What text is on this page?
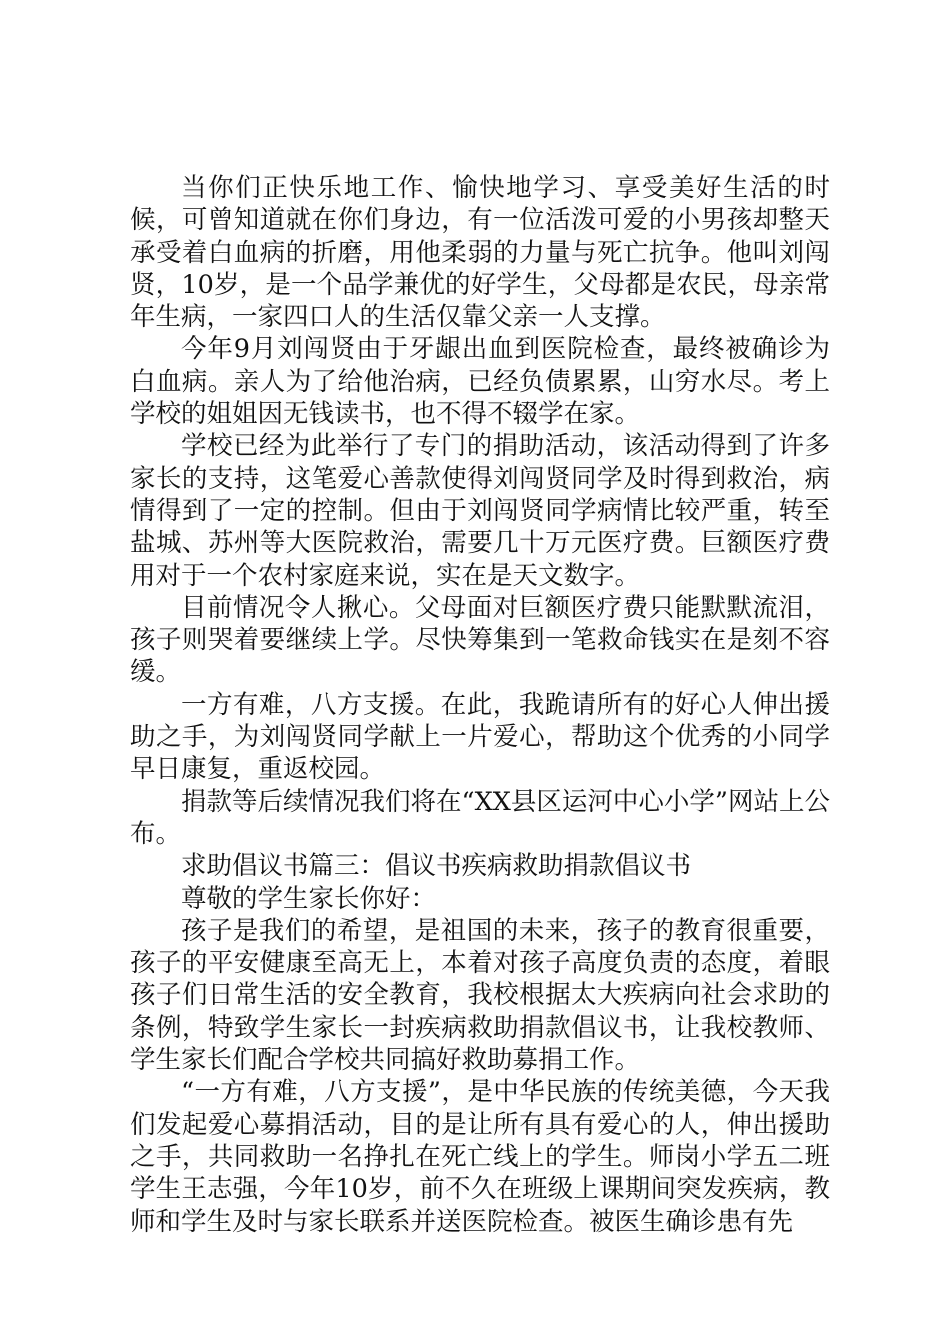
当你们正快乐地工作、愉快地学习、享受美好生活的时候，可曾知道就在你们身边，有一位活泼可爱的小男孩却整天承受着白血病的折磨，用他柔弱的力量与死亡抗争。他叫刘闯贤，10岁，是一个品学兼优的好学生，父母都是农民，母亲常年生病，一家四口人的生活仅靠父亲一人支撑。

今年9月刘闯贤由于牙龈出血到医院检查，最终被确诊为白血病。亲人为了给他治病，已经负债累累，山穷水尽。考上学校的姐姐因无钱读书，也不得不辍学在家。

学校已经为此举行了专门的捐助活动，该活动得到了许多家长的支持，这笔爱心善款使得刘闯贤同学及时得到救治，病情得到了一定的控制。但由于刘闯贤同学病情比较严重，转至盐城、苏州等大医院救治，需要几十万元医疗费。巨额医疗费用对于一个农村家庭来说，实在是天文数字。

目前情况令人揪心。父母面对巨额医疗费只能默默流泪，孩子则哭着要继续上学。尽快筹集到一笔救命钱实在是刻不容缓。

一方有难，八方支援。在此，我跪请所有的好心人伸出援助之手，为刘闯贤同学献上一片爱心，帮助这个优秀的小同学早日康复，重返校园。

捐款等后续情况我们将在“XX县区运河中心小学”网站上公布。

求助倡议书篇三：倡议书疾病救助捐款倡议书

尊敬的学生家长你好：

孩子是我们的希望，是祖国的未来，孩子的教育很重要，孩子的平安健康至高无上，本着对孩子高度负责的态度，着眼孩子们日常生活的安全教育，我校根据太大疾病向社会求助的条例，特致学生家长一封疾病救助捐款倡议书，让我校教师、学生家长们配合学校共同搞好救助募捐工作。

“一方有难，八方支援”，是中华民族的传统美德，今天我们发起爱心募捐活动，目的是让所有具有爱心的人，伸出援助之手，共同救助一名挣扎在死亡线上的学生。师岗小学五二班学生王志强，今年10岁，前不久在班级上课期间突发疾病，教师和学生及时与家长联系并送医院检查。被医生确诊患有先
